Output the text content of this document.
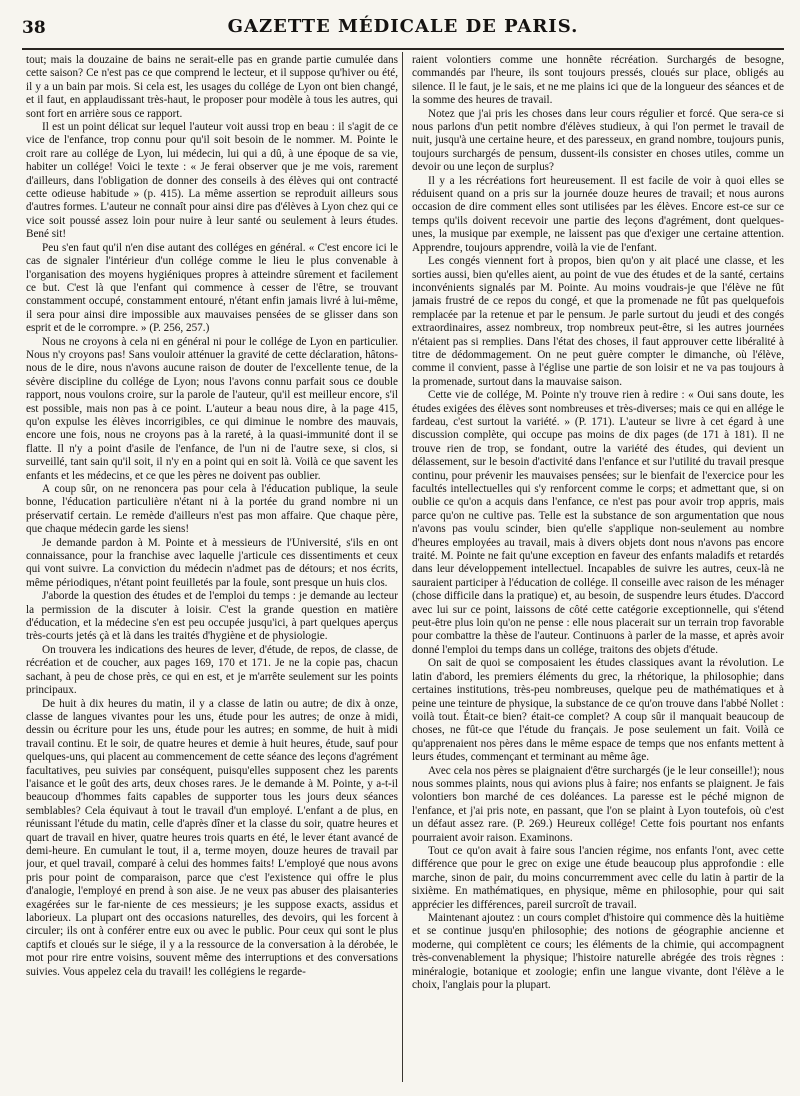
38	GAZETTE MÉDICALE DE PARIS.

tout; mais la douzaine de bains ne serait-elle pas en grande partie cumulée dans cette saison? Ce n'est pas ce que comprend le lecteur, et il suppose qu'hiver ou été, il y a un bain par mois. Si cela est, les usages du collége de Lyon ont bien changé, et il faut, en applaudissant très-haut, le proposer pour modèle à tous les autres, qui sont fort en arrière sous ce rapport.

Il est un point délicat sur lequel l'auteur voit aussi trop en beau : il s'agit de ce vice de l'enfance, trop connu pour qu'il soit besoin de le nommer. M. Pointe le croit rare au collége de Lyon, lui médecin, lui qui a dû, à une époque de sa vie, habiter un collége! Voici le texte : « Je ferai observer que je me vois, rarement d'ailleurs, dans l'obligation de donner des conseils à des élèves qui ont contracté cette odieuse habitude » (p. 415). La même assertion se reproduit ailleurs sous d'autres formes. L'auteur ne connaît pour ainsi dire pas d'élèves à Lyon chez qui ce vice soit poussé assez loin pour nuire à leur santé ou seulement à leurs études. Bené sit!

Peu s'en faut qu'il n'en dise autant des colléges en général. « C'est encore ici le cas de signaler l'intérieur d'un collége comme le lieu le plus convenable à l'organisation des moyens hygiéniques propres à atteindre sûrement et facilement ce but. C'est là que l'enfant qui commence à cesser de l'être, se trouvant constamment occupé, constamment entouré, n'étant enfin jamais livré à lui-même, il sera pour ainsi dire impossible aux mauvaises pensées de se glisser dans son esprit et de le corrompre. » (P. 256, 257.)

Nous ne croyons à cela ni en général ni pour le collége de Lyon en particulier. Nous n'y croyons pas! Sans vouloir atténuer la gravité de cette déclaration, hâtons-nous de le dire, nous n'avons aucune raison de douter de l'excellente tenue, de la sévère discipline du collége de Lyon; nous l'avons connu parfait sous ce double rapport, nous voulons croire, sur la parole de l'auteur, qu'il est meilleur encore, s'il est possible, mais non pas à ce point. L'auteur a beau nous dire, à la page 415, qu'on expulse les élèves incorrigibles, ce qui diminue le nombre des mauvais, encore une fois, nous ne croyons pas à la rareté, à la quasi-immunité dont il se flatte. Il n'y a point d'asile de l'enfance, de l'un ni de l'autre sexe, si clos, si surveillé, tant sain qu'il soit, il n'y en a point qui en soit là. Voilà ce que savent les enfants et les médecins, et ce que les pères ne doivent pas oublier.

A coup sûr, on ne renoncera pas pour cela à l'éducation publique, la seule bonne, l'éducation particulière n'étant ni à la portée du grand nombre ni un préservatif certain. Le remède d'ailleurs n'est pas mon affaire. Que chaque père, que chaque médecin garde les siens!

Je demande pardon à M. Pointe et à messieurs de l'Université, s'ils en ont connaissance, pour la franchise avec laquelle j'articule ces dissentiments et ceux qui vont suivre. La conviction du médecin n'admet pas de détours; et nos écrits, même périodiques, n'étant point feuilletés par la foule, sont presque un huis clos.

J'aborde la question des études et de l'emploi du temps : je demande au lecteur la permission de la discuter à loisir. C'est la grande question en matière d'éducation, et la médecine s'en est peu occupée jusqu'ici, à part quelques aperçus très-courts jetés çà et là dans les traités d'hygiène et de physiologie.

On trouvera les indications des heures de lever, d'étude, de repos, de classe, de récréation et de coucher, aux pages 169, 170 et 171. Je ne la copie pas, chacun sachant, à peu de chose près, ce qui en est, et je m'arrête seulement sur les points principaux.

De huit à dix heures du matin, il y a classe de latin ou autre; de dix à onze, classe de langues vivantes pour les uns, étude pour les autres; de onze à midi, dessin ou écriture pour les uns, étude pour les autres; en somme, de huit à midi travail continu. Et le soir, de quatre heures et demie à huit heures, étude, sauf pour quelques-uns, qui placent au commencement de cette séance des leçons d'agrément facultatives, peu suivies par conséquent, puisqu'elles supposent chez les parents l'aisance et le goût des arts, deux choses rares. Je le demande à M. Pointe, y a-t-il beaucoup d'hommes faits capables de supporter tous les jours deux séances semblables? Cela équivaut à tout le travail d'un employé. L'enfant a de plus, en réunissant l'étude du matin, celle d'après dîner et la classe du soir, quatre heures et quart de travail en hiver, quatre heures trois quarts en été, le lever étant avancé de demi-heure. En cumulant le tout, il a, terme moyen, douze heures de travail par jour, et quel travail, comparé à celui des hommes faits! L'employé que nous avons pris pour point de comparaison, parce que c'est l'existence qui offre le plus d'analogie, l'employé en prend à son aise. Je ne veux pas abuser des plaisanteries exagérées sur le far-niente de ces messieurs; je les suppose exacts, assidus et laborieux. La plupart ont des occasions naturelles, des devoirs, qui les forcent à circuler; ils ont à conférer entre eux ou avec le public. Pour ceux qui sont le plus captifs et cloués sur le siége, il y a la ressource de la conversation à la dérobée, le mot pour rire entre voisins, souvent même des interruptions et des conversations suivies. Vous appelez cela du travail! les collégiens le regarde-

raient volontiers comme une honnête récréation. Surchargés de besogne, commandés par l'heure, ils sont toujours pressés, cloués sur place, obligés au silence. Il le faut, je le sais, et ne me plains ici que de la longueur des séances et de la somme des heures de travail.

Notez que j'ai pris les choses dans leur cours régulier et forcé. Que sera-ce si nous parlons d'un petit nombre d'élèves studieux, à qui l'on permet le travail de nuit, jusqu'à une certaine heure, et des paresseux, en grand nombre, toujours punis, toujours surchargés de pensum, dussent-ils consister en choses utiles, comme un devoir ou une leçon de surplus?

Il y a les récréations fort heureusement. Il est facile de voir à quoi elles se réduisent quand on a pris sur la journée douze heures de travail; et nous aurons occasion de dire comment elles sont utilisées par les élèves. Encore est-ce sur ce temps qu'ils doivent recevoir une partie des leçons d'agrément, dont quelques-unes, la musique par exemple, ne laissent pas que d'exiger une certaine attention. Apprendre, toujours apprendre, voilà la vie de l'enfant.

Les congés viennent fort à propos, bien qu'on y ait placé une classe, et les sorties aussi, bien qu'elles aient, au point de vue des études et de la santé, certains inconvénients signalés par M. Pointe. Au moins voudrais-je que l'élève ne fût jamais frustré de ce repos du congé, et que la promenade ne fût pas quelquefois remplacée par la retenue et par le pensum. Je parle surtout du jeudi et des congés extraordinaires, assez nombreux, trop nombreux peut-être, si les autres journées n'étaient pas si remplies. Dans l'état des choses, il faut approuver cette libéralité à titre de dédommagement. On ne peut guère compter le dimanche, où l'élève, comme il convient, passe à l'église une partie de son loisir et ne va pas toujours à la promenade, surtout dans la mauvaise saison.

Cette vie de collége, M. Pointe n'y trouve rien à redire : « Oui sans doute, les études exigées des élèves sont nombreuses et très-diverses; mais ce qui en allége le fardeau, c'est surtout la variété. » (P. 171). L'auteur se livre à cet égard à une discussion complète, qui occupe pas moins de dix pages (de 171 à 181). Il ne trouve rien de trop, se fondant, outre la variété des études, qui devient un délassement, sur le besoin d'activité dans l'enfance et sur l'utilité du travail presque continu, pour prévenir les mauvaises pensées; sur le bienfait de l'exercice pour les facultés intellectuelles qui s'y renforcent comme le corps; et admettant que, si on oublie ce qu'on a acquis dans l'enfance, ce n'est pas pour avoir trop appris, mais parce qu'on ne cultive pas. Telle est la substance de son argumentation que nous n'avons pas voulu scinder, bien qu'elle s'applique non-seulement au nombre d'heures employées au travail, mais à divers objets dont nous n'avons pas encore traité. M. Pointe ne fait qu'une exception en faveur des enfants maladifs et retardés dans leur développement intellectuel. Incapables de suivre les autres, ceux-là ne sauraient participer à l'éducation de collége. Il conseille avec raison de les ménager (chose difficile dans la pratique) et, au besoin, de suspendre leurs études. D'accord avec lui sur ce point, laissons de côté cette catégorie exceptionnelle, qui s'étend peut-être plus loin qu'on ne pense : elle nous placerait sur un terrain trop favorable pour combattre la thèse de l'auteur. Continuons à parler de la masse, et après avoir donné l'emploi du temps dans un collége, traitons des objets d'étude.

On sait de quoi se composaient les études classiques avant la révolution. Le latin d'abord, les premiers éléments du grec, la rhétorique, la philosophie; dans certaines institutions, très-peu nombreuses, quelque peu de mathématiques et à peine une teinture de physique, la substance de ce qu'on trouve dans l'abbé Nollet : voilà tout. Était-ce bien? était-ce complet? A coup sûr il manquait beaucoup de choses, ne fût-ce que l'étude du français. Je pose seulement un fait. Voilà ce qu'apprenaient nos pères dans le même espace de temps que nos enfants mettent à leurs études, commençant et terminant au même âge.

Avec cela nos pères se plaignaient d'être surchargés (je le leur conseille!); nous nous sommes plaints, nous qui avions plus à faire; nos enfants se plaignent. Je fais volontiers bon marché de ces doléances. La paresse est le péché mignon de l'enfance, et j'ai pris note, en passant, que l'on se plaint à Lyon toutefois, où c'est un défaut assez rare. (P. 269.) Heureux collége! Cette fois pourtant nos enfants pourraient avoir raison. Examinons.

Tout ce qu'on avait à faire sous l'ancien régime, nos enfants l'ont, avec cette différence que pour le grec on exige une étude beaucoup plus approfondie : elle marche, sinon de pair, du moins concurremment avec celle du latin à partir de la sixième. En mathématiques, en physique, même en philosophie, pour qui sait apprécier les différences, pareil surcroît de travail.

Maintenant ajoutez : un cours complet d'histoire qui commence dès la huitième et se continue jusqu'en philosophie; des notions de géographie ancienne et moderne, qui complètent ce cours; les éléments de la chimie, qui accompagnent très-convenablement la physique; l'histoire naturelle abrégée des trois règnes : minéralogie, botanique et zoologie; enfin une langue vivante, dont l'élève a le choix, l'anglais pour la plupart.
